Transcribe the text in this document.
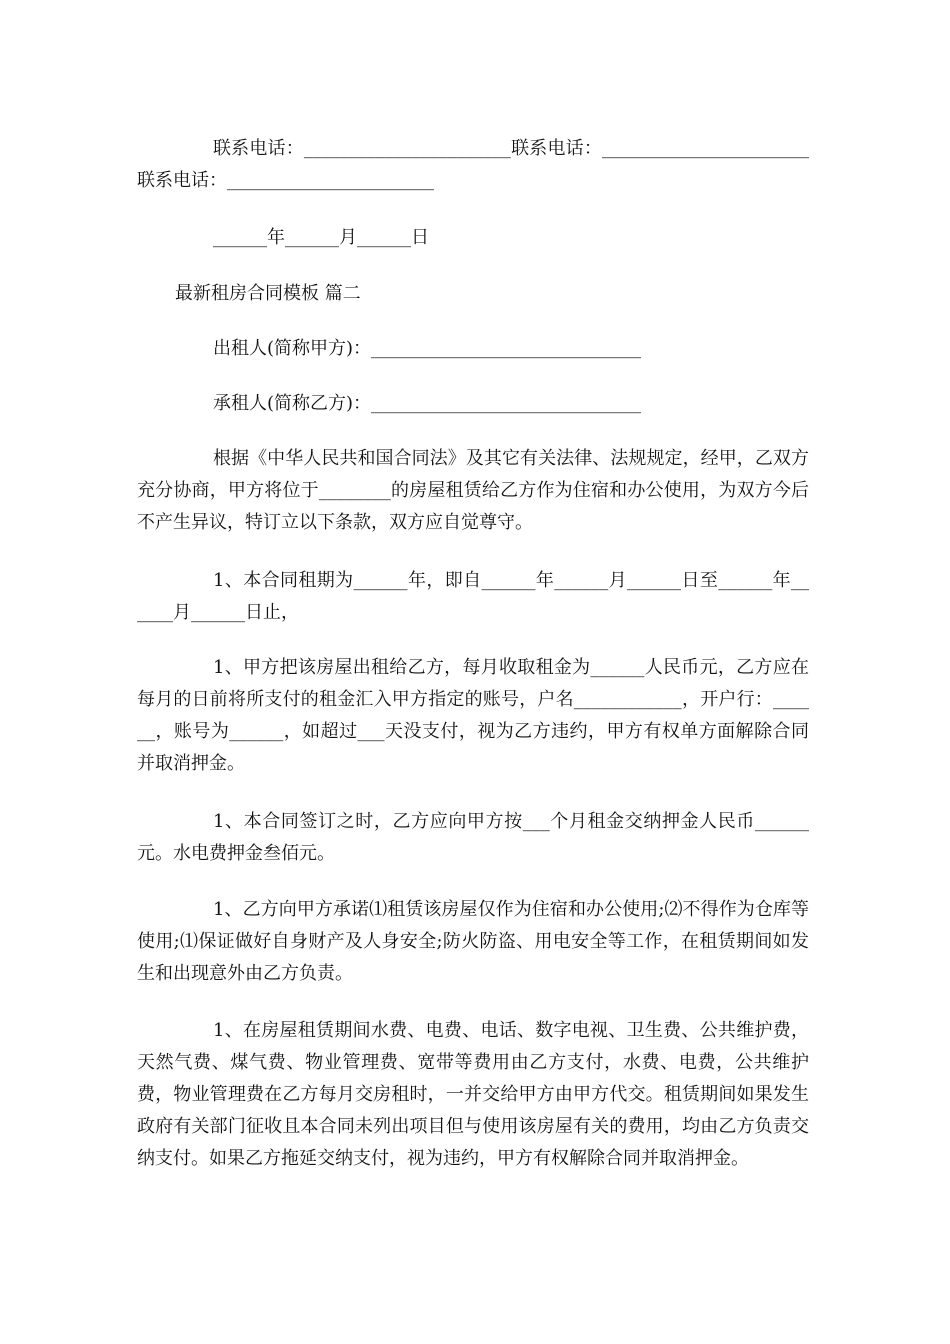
联系电话：_______________________联系电话：_______________________联系电话：_______________________

______年______月______日

最新租房合同模板 篇二

出租人(简称甲方)：______________________________

承租人(简称乙方)：______________________________

根据《中华人民共和国合同法》及其它有关法律、法规规定，经甲，乙双方充分协商，甲方将位于________的房屋租赁给乙方作为住宿和办公使用，为双方今后不产生异议，特订立以下条款，双方应自觉尊守。

1、本合同租期为______年，即自______年______月______日至______年______月______日止，

1、甲方把该房屋出租给乙方，每月收取租金为______人民币元，乙方应在每月的日前将所支付的租金汇入甲方指定的账号，户名____________，开户行：______，账号为______，如超过___天没支付，视为乙方违约，甲方有权单方面解除合同并取消押金。

1、本合同签订之时，乙方应向甲方按___个月租金交纳押金人民币______元。水电费押金叁佰元。

1、乙方向甲方承诺⑴租赁该房屋仅作为住宿和办公使用;⑵不得作为仓库等使用;⑴保证做好自身财产及人身安全;防火防盗、用电安全等工作，在租赁期间如发生和出现意外由乙方负责。

1、在房屋租赁期间水费、电费、电话、数字电视、卫生费、公共维护费，天然气费、煤气费、物业管理费、宽带等费用由乙方支付，水费、电费，公共维护费，物业管理费在乙方每月交房租时，一并交给甲方由甲方代交。租赁期间如果发生政府有关部门征收且本合同未列出项目但与使用该房屋有关的费用，均由乙方负责交纳支付。如果乙方拖延交纳支付，视为违约，甲方有权解除合同并取消押金。
